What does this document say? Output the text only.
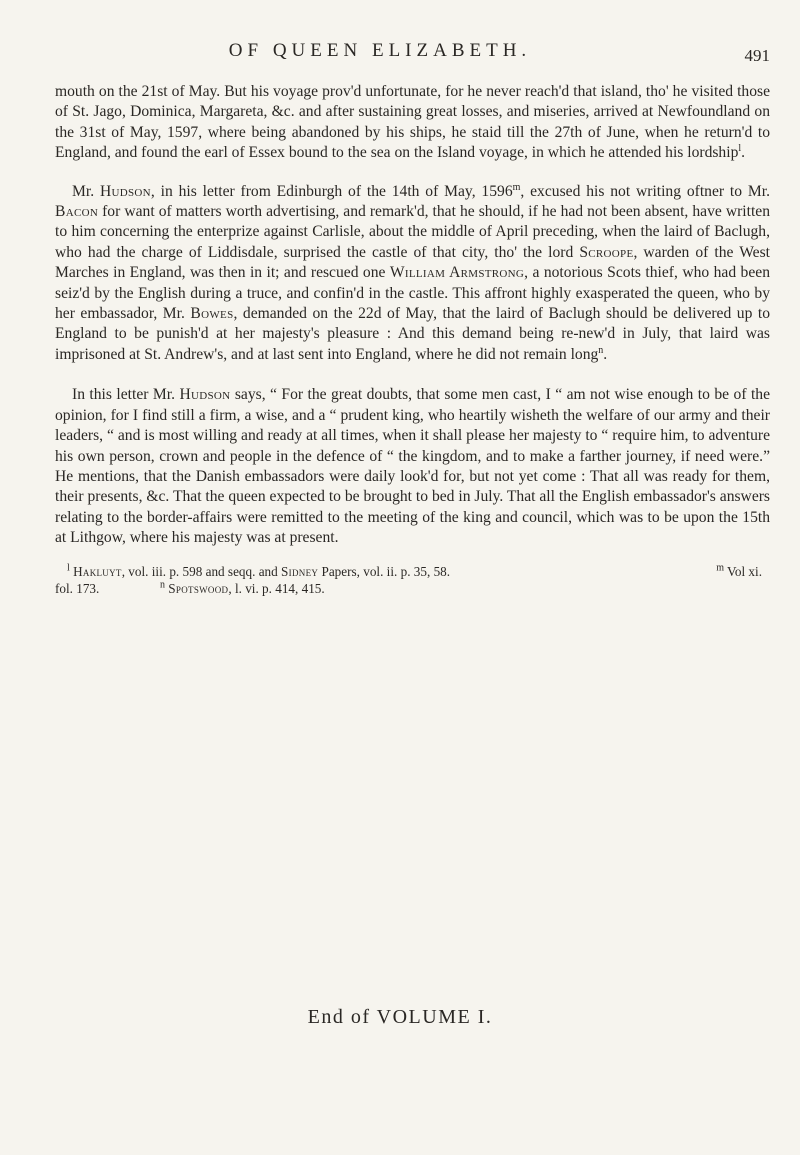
OF QUEEN ELIZABETH.	491
mouth on the 21st of May. But his voyage prov'd unfortunate, for he never reach'd that island, tho' he visited those of St. Jago, Dominica, Margareta, &c. and after sustaining great losses, and miseries, arrived at Newfoundland on the 31st of May, 1597, where being abandoned by his ships, he staid till the 27th of June, when he return'd to England, and found the earl of Essex bound to the sea on the Island voyage, in which he attended his lordship$^l$.
Mr. Hudson, in his letter from Edinburgh of the 14th of May, 1596$^m$, excused his not writing oftner to Mr. Bacon for want of matters worth advertising, and remark'd, that he should, if he had not been absent, have written to him concerning the enterprize against Carlisle, about the middle of April preceding, when the laird of Baclugh, who had the charge of Liddisdale, surprised the castle of that city, tho' the lord Scroope, warden of the West Marches in England, was then in it; and rescued one William Armstrong, a notorious Scots thief, who had been seiz'd by the English during a truce, and confin'd in the castle. This affront highly exasperated the queen, who by her embassador, Mr. Bowes, demanded on the 22d of May, that the laird of Baclugh should be delivered up to England to be punish'd at her majesty's pleasure : And this demand being re-new'd in July, that laird was imprisoned at St. Andrew's, and at last sent into England, where he did not remain long$^n$.
In this letter Mr. Hudson says, “ For the great doubts, that some men cast, I “ am not wise enough to be of the opinion, for I find still a firm, a wise, and a “ prudent king, who heartily wisheth the welfare of our army and their leaders, “ and is most willing and ready at all times, when it shall please her majesty to “ require him, to adventure his own person, crown and people in the defence of “ the kingdom, and to make a farther journey, if need were.” He mentions, that the Danish embassadors were daily look'd for, but not yet come : That all was ready for them, their presents, &c. That the queen expected to be brought to bed in July. That all the English embassador's answers relating to the border-affairs were remitted to the meeting of the king and council, which was to be upon the 15th at Lithgow, where his majesty was at present.
$^l$ Hakluyt, vol. iii. p. 598 and seqq. and Sidney Papers, vol. ii. p. 35, 58.	$^m$ Vol xi.
fol. 173.	$^n$ Spotswood, l. vi. p. 414, 415.
End of VOLUME I.
